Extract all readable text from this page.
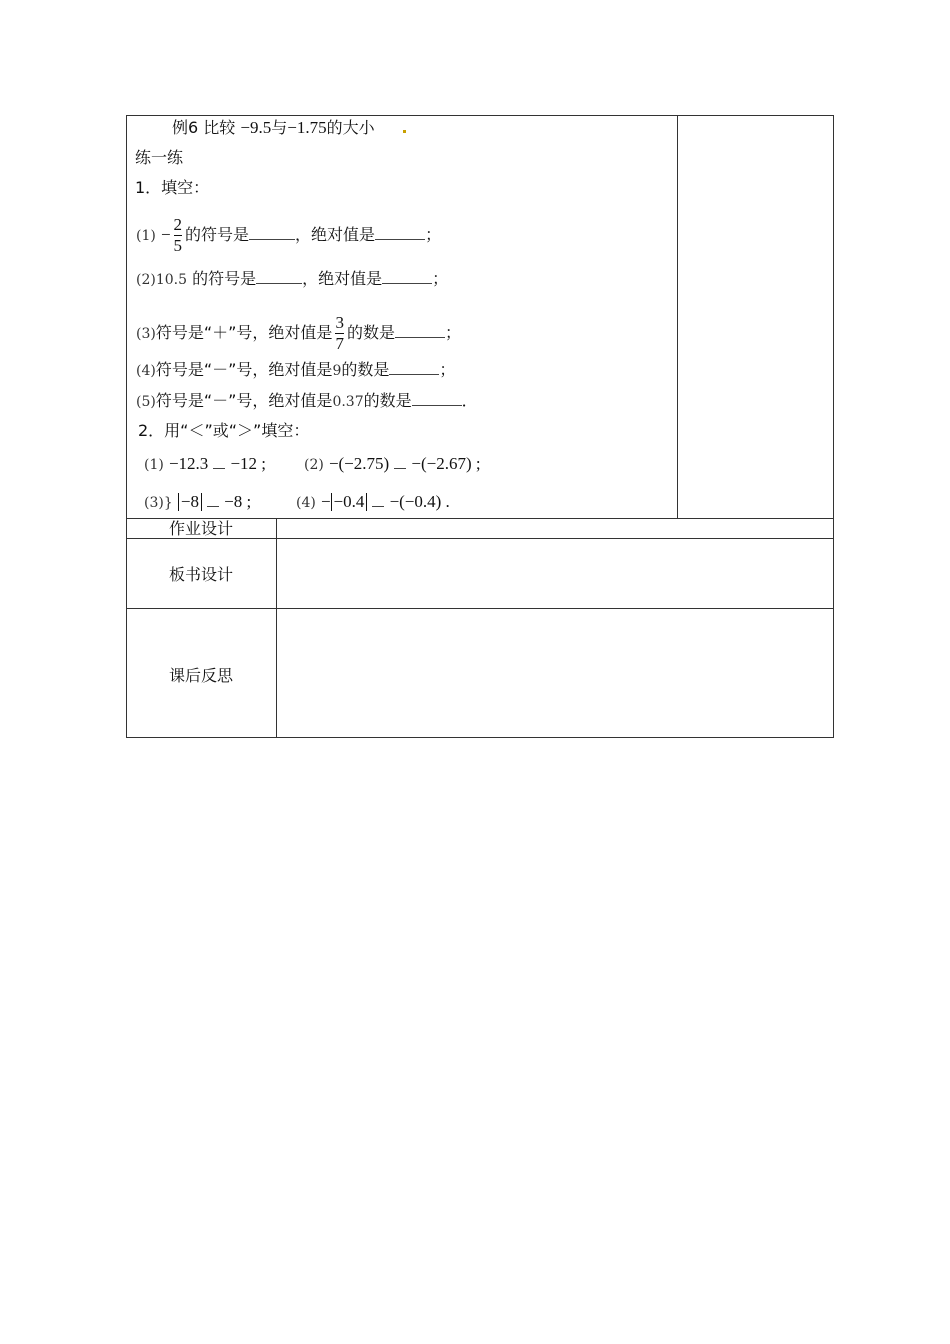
例6 比较 −9.5与−1.75的大小
练一练
1．填空：
$(1) - \frac{2}{5}$ 的符号是	，绝对值是	；
(2)10.5 的符号是	，绝对值是	；
(3)符号是“＋”号，绝对值是 $\frac{3}{7}$ 的数是	；
(4)符号是“－”号，绝对值是9的数是	；
(5)符号是“－”号，绝对值是0.37的数是	．
2．用“＜”或“＞”填空：
(1) −12.3 −12 ;	(2) −(−2.75) −(−2.67) ;
(3)} −8 −8 ;	(4) − −0.4 −(−0.4) .
作业设计
板书设计
课后反思
